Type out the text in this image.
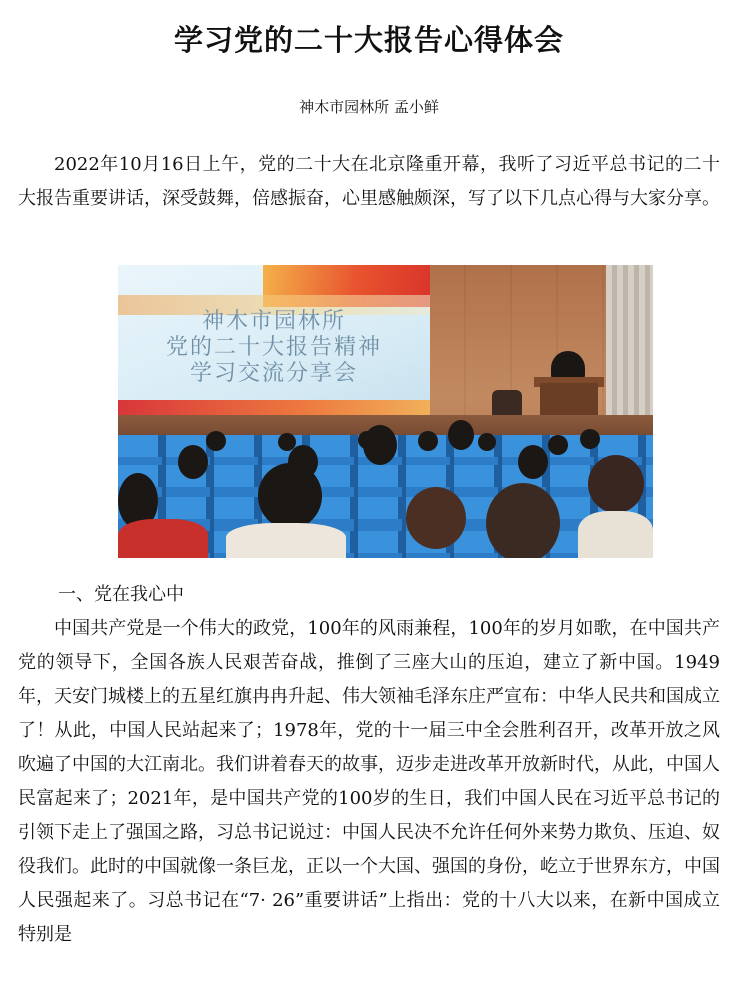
学习党的二十大报告心得体会
神木市园林所 孟小鲜

2022年10月16日上午，党的二十大在北京隆重开幕，我听了习近平总书记的二十大报告重要讲话，深受鼓舞，倍感振奋，心里感触颇深，写了以下几点心得与大家分享。

神木市园林所
党的二十大报告精神
学习交流分享会
一、党在我心中

中国共产党是一个伟大的政党，100年的风雨兼程，100年的岁月如歌，在中国共产党的领导下，全国各族人民艰苦奋战，推倒了三座大山的压迫，建立了新中国。1949年，天安门城楼上的五星红旗冉冉升起、伟大领袖毛泽东庄严宣布：中华人民共和国成立了！从此，中国人民站起来了；1978年，党的十一届三中全会胜利召开，改革开放之风吹遍了中国的大江南北。我们讲着春天的故事，迈步走进改革开放新时代，从此，中国人民富起来了；2021年，是中国共产党的100岁的生日，我们中国人民在习近平总书记的引领下走上了强国之路，习总书记说过：中国人民决不允许任何外来势力欺负、压迫、奴役我们。此时的中国就像一条巨龙，正以一个大国、强国的身份，屹立于世界东方，中国人民强起来了。习总书记在“7· 26”重要讲话”上指出：党的十八大以来，在新中国成立特别是
